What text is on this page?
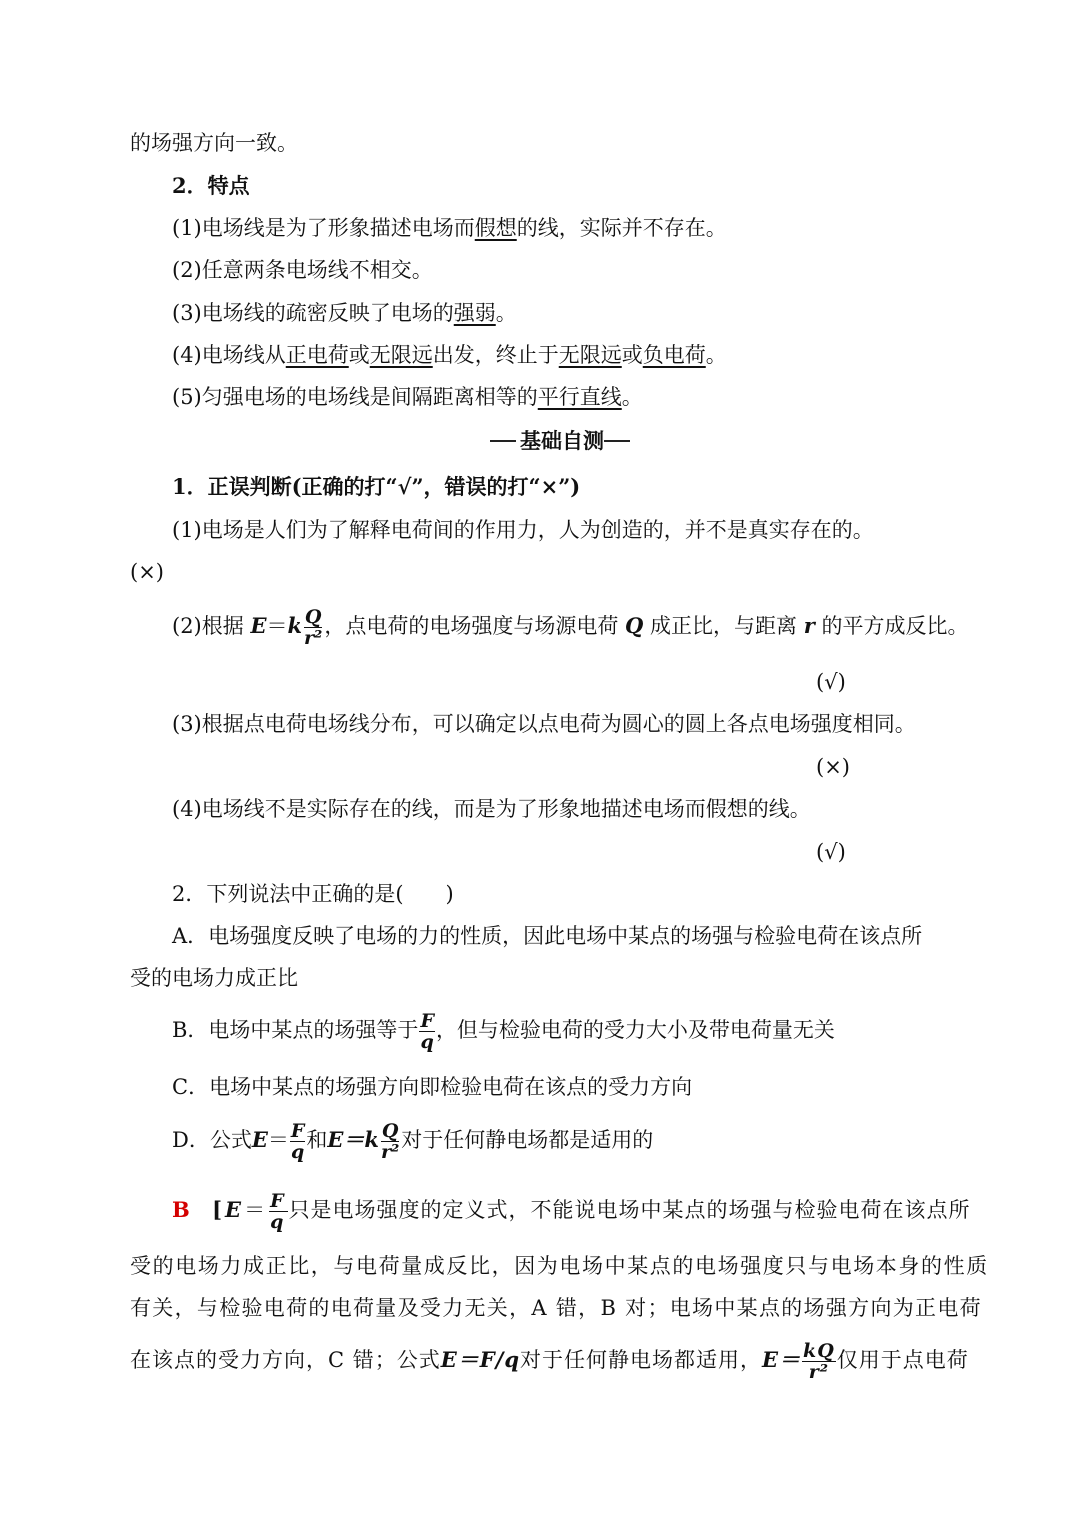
的场强方向一致。
2．特点
(1)电场线是为了形象描述电场而假想的线，实际并不存在。
(2)任意两条电场线不相交。
(3)电场线的疏密反映了电场的强弱。
(4)电场线从正电荷或无限远出发，终止于无限远或负电荷。
(5)匀强电场的电场线是间隔距离相等的平行直线。
基础自测
1．正误判断(正确的打“√”，错误的打“×”)
(1)电场是人们为了解释电荷间的作用力，人为创造的，并不是真实存在的。
(×)
(2)根据 $E=k \frac{Q}{\text{r²}}$ ，点电荷的电场强度与场源电荷 Q 成正比，与距离 r 的平方成反比。
(√)
(3)根据点电荷电场线分布，可以确定以点电荷为圆心的圆上各点电场强度相同。
(×)
(4)电场线不是实际存在的线，而是为了形象地描述电场而假想的线。
(√)
2．下列说法中正确的是(　　)
A．电场强度反映了电场的力的性质，因此电场中某点的场强与检验电荷在该点所
受的电场力成正比
B．电场中某点的场强等于 $\frac{F}{q}$ ，但与检验电荷的受力大小及带电荷量无关
C．电场中某点的场强方向即检验电荷在该点的受力方向
D．公式$E= \frac{F}{q}$ 和$E=k \frac{Q}{\text{r²}}$ 对于任何静电场都是适用的
B [$E= \frac{F}{q}$ 只是电场强度的定义式，不能说电场中某点的场强与检验电荷在该点所
受的电场力成正比，与电荷量成反比，因为电场中某点的电场强度只与电场本身的性质
有关，与检验电荷的电荷量及受力无关，A 错，B 对；电场中某点的场强方向为正电荷
在该点的受力方向，C 错；公式E＝F/q对于任何静电场都适用，$E= \frac{kQ}{\text{r²}}$ 仅用于点电荷
